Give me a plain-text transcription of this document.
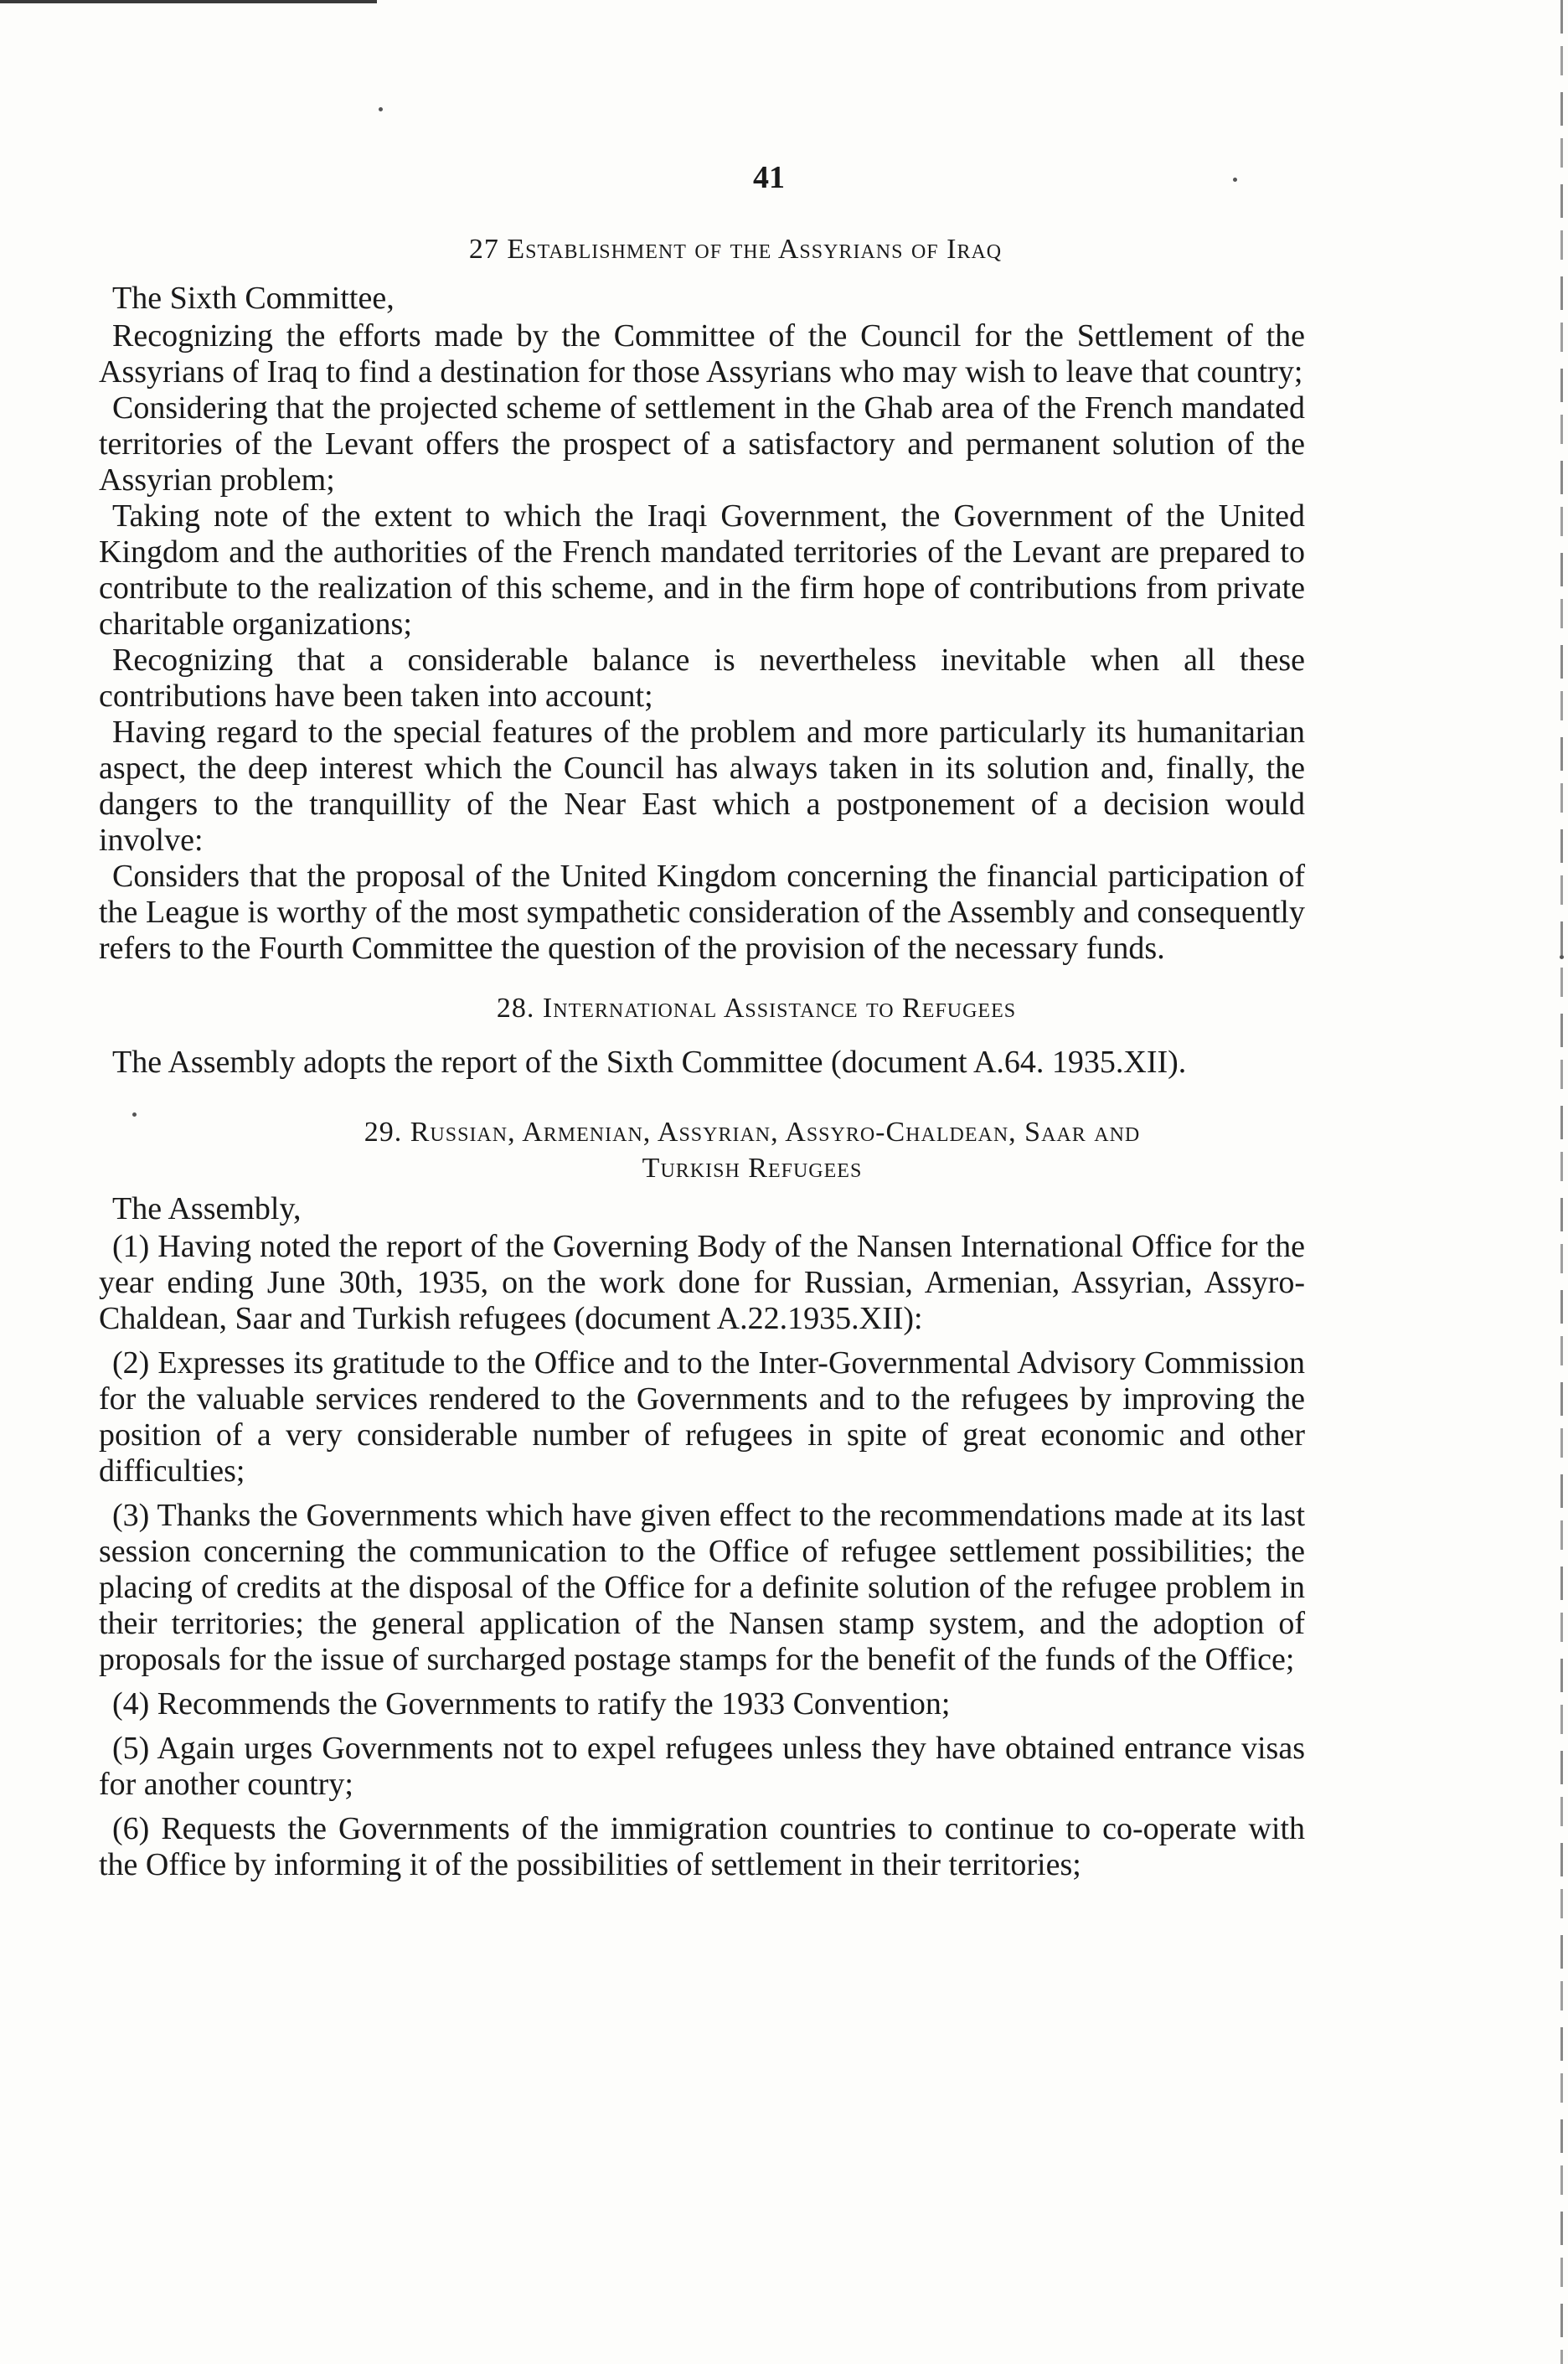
41
27 Establishment of the Assyrians of Iraq

The Sixth Committee,

Recognizing the efforts made by the Committee of the Council for the Settlement of the Assyrians of Iraq to find a destination for those Assyrians who may wish to leave that country;

Considering that the projected scheme of settlement in the Ghab area of the French mandated territories of the Levant offers the prospect of a satisfactory and permanent solution of the Assyrian problem;

Taking note of the extent to which the Iraqi Government, the Government of the United Kingdom and the authorities of the French mandated territories of the Levant are prepared to contribute to the realization of this scheme, and in the firm hope of contributions from private charitable organizations;

Recognizing that a considerable balance is nevertheless inevitable when all these contributions have been taken into account;

Having regard to the special features of the problem and more particularly its humanitarian aspect, the deep interest which the Council has always taken in its solution and, finally, the dangers to the tranquillity of the Near East which a postponement of a decision would involve:

Considers that the proposal of the United Kingdom concerning the financial participation of the League is worthy of the most sympathetic consideration of the Assembly and consequently refers to the Fourth Committee the question of the provision of the necessary funds.

28. International Assistance to Refugees

The Assembly adopts the report of the Sixth Committee (document A.64. 1935.XII).

29. Russian, Armenian, Assyrian, Assyro-Chaldean, Saar and
Turkish Refugees

The Assembly,

(1) Having noted the report of the Governing Body of the Nansen International Office for the year ending June 30th, 1935, on the work done for Russian, Armenian, Assyrian, Assyro-Chaldean, Saar and Turkish refugees (document A.22.1935.XII):

(2) Expresses its gratitude to the Office and to the Inter-Governmental Advisory Commission for the valuable services rendered to the Governments and to the refugees by improving the position of a very considerable number of refugees in spite of great economic and other difficulties;

(3) Thanks the Governments which have given effect to the recommendations made at its last session concerning the communication to the Office of refugee settlement possibilities; the placing of credits at the disposal of the Office for a definite solution of the refugee problem in their territories; the general application of the Nansen stamp system, and the adoption of proposals for the issue of surcharged postage stamps for the benefit of the funds of the Office;

(4) Recommends the Governments to ratify the 1933 Convention;

(5) Again urges Governments not to expel refugees unless they have obtained entrance visas for another country;

(6) Requests the Governments of the immigration countries to continue to co-operate with the Office by informing it of the possibilities of settlement in their territories;
